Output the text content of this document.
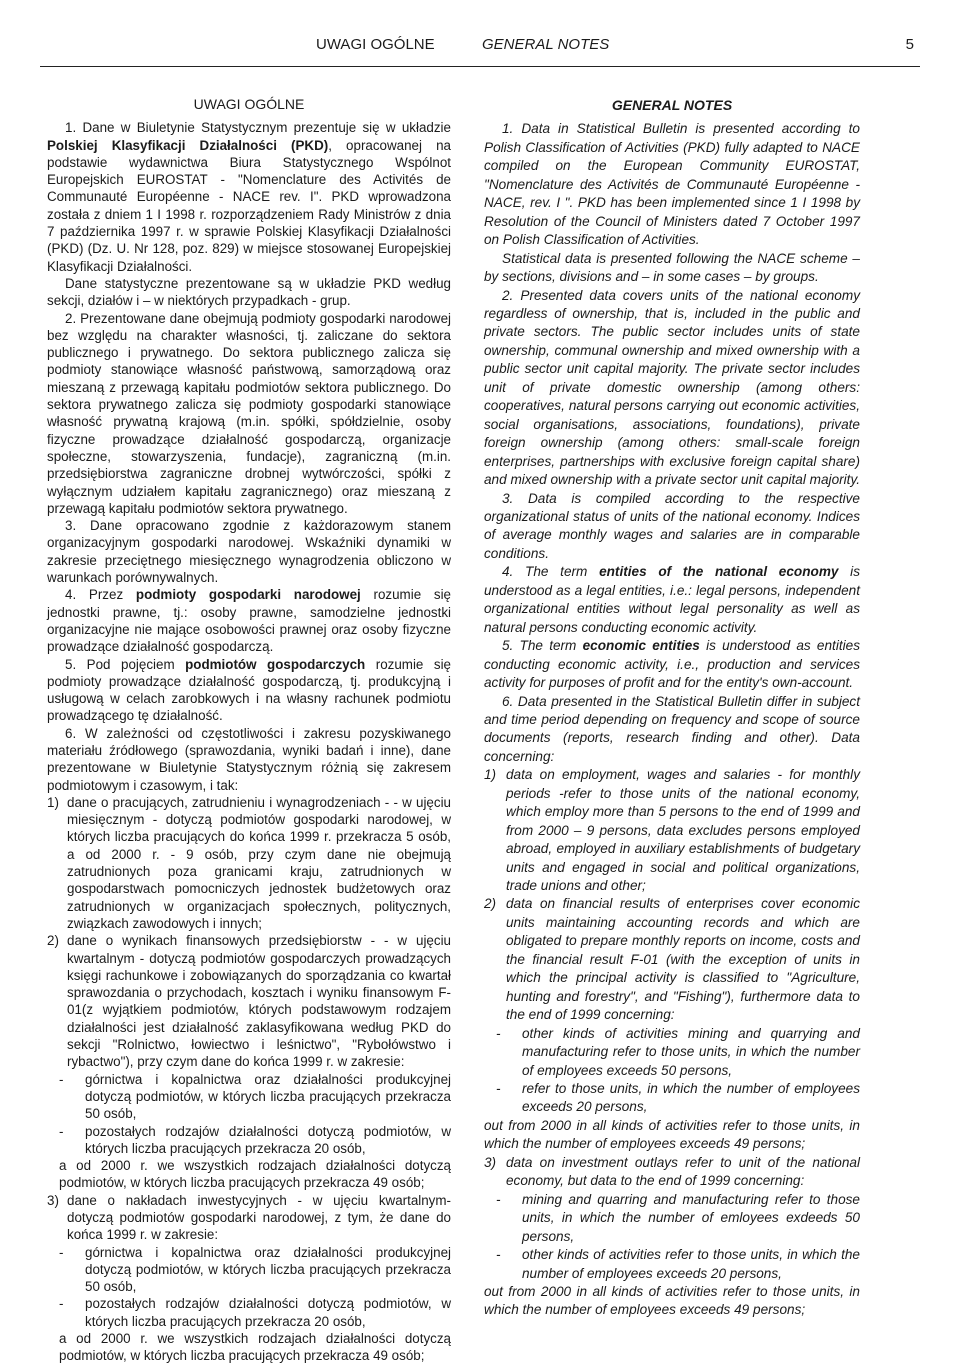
UWAGI OGÓLNE	GENERAL NOTES	5
UWAGI OGÓLNE

1. Dane w Biuletynie Statystycznym prezentuje się w układzie Polskiej Klasyfikacji Działalności (PKD), opracowanej na podstawie wydawnictwa Biura Statystycznego Wspólnot Europejskich EUROSTAT - "Nomenclature des Activités de Communauté Européenne - NACE rev. I". PKD wprowadzona została z dniem 1 I 1998 r. rozporządzeniem Rady Ministrów z dnia 7 października 1997 r. w sprawie Polskiej Klasyfikacji Działalności (PKD) (Dz. U. Nr 128, poz. 829) w miejsce stosowanej Europejskiej Klasyfikacji Działalności.

Dane statystyczne prezentowane są w układzie PKD według sekcji, działów i – w niektórych przypadkach - grup.

2. Prezentowane dane obejmują podmioty gospodarki narodowej bez względu na charakter własności, tj. zaliczane do sektora publicznego i prywatnego. Do sektora publicznego zalicza się podmioty stanowiące własność państwową, samorządową oraz mieszaną z przewagą kapitału podmiotów sektora publicznego. Do sektora prywatnego zalicza się podmioty gospodarki stanowiące własność prywatną krajową (m.in. spółki, spółdzielnie, osoby fizyczne prowadzące działalność gospodarczą, organizacje społeczne, stowarzyszenia, fundacje), zagraniczną (m.in. przedsiębiorstwa zagraniczne drobnej wytwórczości, spółki z wyłącznym udziałem kapitału zagranicznego) oraz mieszaną z przewagą kapitału podmiotów sektora prywatnego.

3. Dane opracowano zgodnie z każdorazowym stanem organizacyjnym gospodarki narodowej. Wskaźniki dynamiki w zakresie przeciętnego miesięcznego wynagrodzenia obliczono w warunkach porównywalnych.

4. Przez podmioty gospodarki narodowej rozumie się jednostki prawne, tj.: osoby prawne, samodzielne jednostki organizacyjne nie mające osobowości prawnej oraz osoby fizyczne prowadzące działalność gospodarczą.

5. Pod pojęciem podmiotów gospodarczych rozumie się podmioty prowadzące działalność gospodarczą, tj. produkcyjną i usługową w celach zarobkowych i na własny rachunek podmiotu prowadzącego tę działalność.

6. W zależności od częstotliwości i zakresu pozyskiwanego materiału źródłowego (sprawozdania, wyniki badań i inne), dane prezentowane w Biuletynie Statystycznym różnią się zakresem podmiotowym i czasowym, i tak:

1) dane o pracujących, zatrudnieniu i wynagrodzeniach - - w ujęciu miesięcznym - dotyczą podmiotów gospodarki narodowej, w których liczba pracujących do końca 1999 r. przekracza 5 osób, a od 2000 r. - 9 osób, przy czym dane nie obejmują zatrudnionych poza granicami kraju, zatrudnionych w gospodarstwach pomocniczych jednostek budżetowych oraz zatrudnionych w organizacjach społecznych, politycznych, związkach zawodowych i innych;
2) dane o wynikach finansowych przedsiębiorstw - - w ujęciu kwartalnym - dotyczą podmiotów gospodarczych prowadzących księgi rachunkowe i zobowiązanych do sporządzania co kwartał sprawozdania o przychodach, kosztach i wyniku finansowym F-01(z wyjątkiem podmiotów, których podstawowym rodzajem działalności jest działalność zaklasyfikowana według PKD do sekcji "Rolnictwo, łowiectwo i leśnictwo", "Rybołówstwo i rybactwo"), przy czym dane do końca 1999 r. w zakresie:
- górnictwa i kopalnictwa oraz działalności produkcyjnej dotyczą podmiotów, w których liczba pracujących przekracza 50 osób,
- pozostałych rodzajów działalności dotyczą podmiotów, w których liczba pracujących przekracza 20 osób,
a od 2000 r. we wszystkich rodzajach działalności dotyczą podmiotów, w których liczba pracujących przekracza 49 osób;
3) dane o nakładach inwestycyjnych - w ujęciu kwartalnym- dotyczą podmiotów gospodarki narodowej, z tym, że dane do końca 1999 r. w zakresie:
- górnictwa i kopalnictwa oraz działalności produkcyjnej dotyczą podmiotów, w których liczba pracujących przekracza 50 osób,
- pozostałych rodzajów działalności dotyczą podmiotów, w których liczba pracujących przekracza 20 osób,
a od 2000 r. we wszystkich rodzajach działalności dotyczą podmiotów, w których liczba pracujących przekracza 49 osób;
GENERAL NOTES

1. Data in Statistical Bulletin is presented according to Polish Classification of Activities (PKD) fully adapted to NACE compiled on the European Community EUROSTAT, "Nomenclature des Activités de Communauté Européenne - NACE, rev. I ". PKD has been implemented since 1 I 1998 by Resolution of the Council of Ministers dated 7 October 1997 on Polish Classification of Activities.

Statistical data is presented following the NACE scheme – by sections, divisions and – in some cases – by groups.

2. Presented data covers units of the national economy regardless of ownership, that is, included in the public and private sectors. The public sector includes units of state ownership, communal ownership and mixed ownership with a public sector unit capital majority. The private sector includes unit of private domestic ownership (among others: cooperatives, natural persons carrying out economic activities, social organisations, associations, foundations), private foreign ownership (among others: small-scale foreign enterprises, partnerships with exclusive foreign capital share) and mixed ownership with a private sector unit capital majority.

3. Data is compiled according to the respective organizational status of units of the national economy. Indices of average monthly wages and salaries are in comparable conditions.

4. The term entities of the national economy is understood as a legal entities, i.e.: legal persons, independent organizational entities without legal personality as well as natural persons conducting economic activity.

5. The term economic entities is understood as entities conducting economic activity, i.e., production and services activity for purposes of profit and for the entity's own-account.

6. Data presented in the Statistical Bulletin differ in subject and time period depending on frequency and scope of source documents (reports, research finding and other). Data concerning:

1) data on employment, wages and salaries - for monthly periods -refer to those units of the national economy, which employ more than 5 persons to the end of 1999 and from 2000 – 9 persons, data excludes persons employed abroad, employed in auxiliary establishments of budgetary units and engaged in social and political organizations, trade unions and other;
2) data on financial results of enterprises cover economic units maintaining accounting records and which are obligated to prepare monthly reports on income, costs and the financial result F-01 (with the exception of units in which the principal activity is classified to "Agriculture, hunting and forestry", and "Fishing"), furthermore data to the end of 1999 concerning:
- other kinds of activities mining and quarrying and manufacturing refer to those units, in which the number of employees exceeds 50 persons,
- refer to those units, in which the number of employees exceeds 20 persons,
out from 2000 in all kinds of activities refer to those units, in which the number of employees exceeds 49 persons;
3) data on investment outlays refer to unit of the national economy, but data to the end of 1999 concerning:
- mining and quarring and manufacturing refer to those units, in which the number of emloyees exdeeds 50 persons,
- other kinds of activities refer to those units, in which the number of employees exceeds 20 persons,
out from 2000 in all kinds of activities refer to those units, in which the number of employees exceeds 49 persons;
